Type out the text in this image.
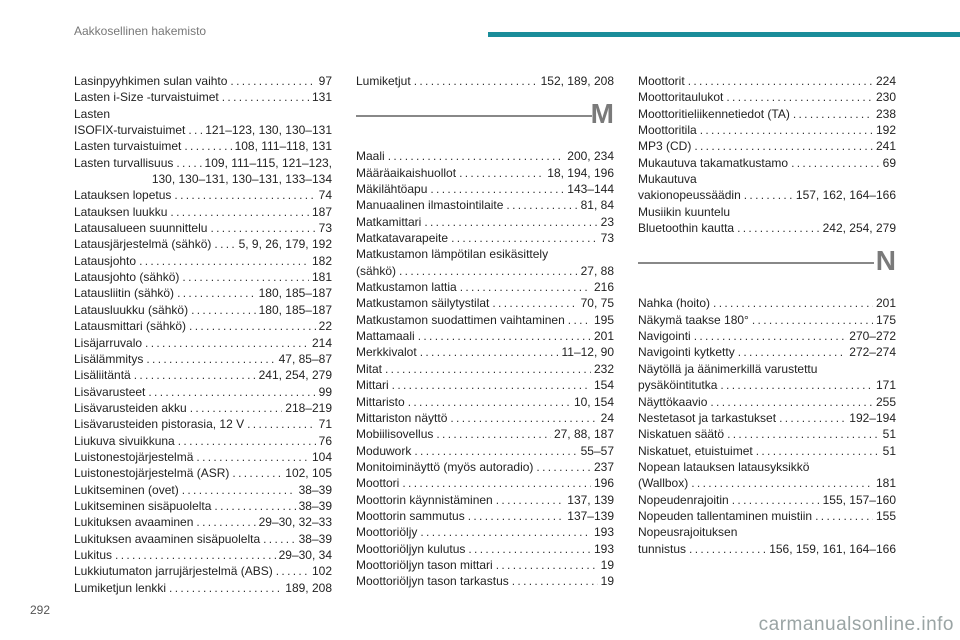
Aakkosellinen hakemisto
Lasinpyyhkimen sulan vaihto . . .	97
Lasten i-Size -turvaistuimet . . .	131
Lasten
ISOFIX-turvaistuimet . . . 121–123, 130, 130–131
Lasten turvaistuimet . . .	108, 111–118, 131
Lasten turvallisuus . . .	109, 111–115, 121–123,
130, 130–131, 130–131, 133–134
Latauksen lopetus . . .	74
Latauksen luukku . . .	187
Latausalueen suunnittelu . . .	73
Latausjärjestelmä (sähkö) . . . 5, 9, 26, 179, 192
Latausjohto . . .	182
Latausjohto (sähkö) . . .	181
Latausliitin (sähkö) . . .	180, 185–187
Latausluukku (sähkö) . . .	180, 185–187
Latausmittari (sähkö) . . .	22
Lisäjarruvalo . . .	214
Lisälämmitys . . .	47, 85–87
Lisäliitäntä . . .	241, 254, 279
Lisävarusteet . . .	99
Lisävarusteiden akku . . .	218–219
Lisävarusteiden pistorasia, 12 V . . .	71
Liukuva sivuikkuna . . .	76
Luistonestojärjestelmä . . .	104
Luistonestojärjestelmä (ASR) . . .	102, 105
Lukitseminen (ovet) . . .	38–39
Lukitseminen sisäpuolelta . . .	38–39
Lukituksen avaaminen . . .	29–30, 32–33
Lukituksen avaaminen sisäpuolelta . . .	38–39
Lukitus . . .	29–30, 34
Lukkiutumaton jarrujärjestelmä (ABS) . . .	102
Lumiketjun lenkki . . .	189, 208
Lumiketjut . . .	152, 189, 208
M
Maali . . .	200, 234
Määräaikaishuollot . . .	18, 194, 196
Mäkilähtöapu . . .	143–144
Manuaalinen ilmastointilaite . . .	81, 84
Matkamittari . . .	23
Matkatavarapeite . . .	73
Matkustamon lämpötilan esikäsittely
(sähkö) . . .	27, 88
Matkustamon lattia . . .	216
Matkustamon säilytystilat . . .	70, 75
Matkustamon suodattimen vaihtaminen . . . 195
Mattamaali . . .	201
Merkkivalot . . .	11–12, 90
Mitat . . .	232
Mittari . . .	154
Mittaristo . . .	10, 154
Mittariston näyttö . . .	24
Mobiilisovellus . . .	27, 88, 187
Moduwork . . .	55–57
Monitoiminäyttö (myös autoradio) . . .	237
Moottori . . .	196
Moottorin käynnistäminen . . .	137, 139
Moottorin sammutus . . .	137–139
Moottoriöljy . . .	193
Moottoriöljyn kulutus . . .	193
Moottoriöljyn tason mittari . . .	19
Moottoriöljyn tason tarkastus . . .	19
Moottorit . . .	224
Moottoritaulukot . . .	230
Moottoritieliikennetiedot (TA) . . .	238
Moottoritila . . .	192
MP3 (CD) . . .	241
Mukautuva takamatkustamo . . .	69
Mukautuva
vakionopeussäädin . . .	157, 162, 164–166
Musiikin kuuntelu
Bluetoothin kautta . . .	242, 254, 279
N
Nahka (hoito) . . .	201
Näkymä taakse 180° . . .	175
Navigointi . . .	270–272
Navigointi kytketty . . .	272–274
Näytöllä ja äänimerkillä varustettu
pysäköintitutka . . .	171
Näyttökaavio . . .	255
Nestetasot ja tarkastukset . . .	192–194
Niskatuen säätö . . .	51
Niskatuet, etuistuimet . . .	51
Nopean latauksen latausyksikkö
(Wallbox) . . .	181
Nopeudenrajoitin . . .	155, 157–160
Nopeuden tallentaminen muistiin . . .	155
Nopeusrajoituksen
tunnistus . . .	156, 159, 161, 164–166
292
carmanualsonline.info
